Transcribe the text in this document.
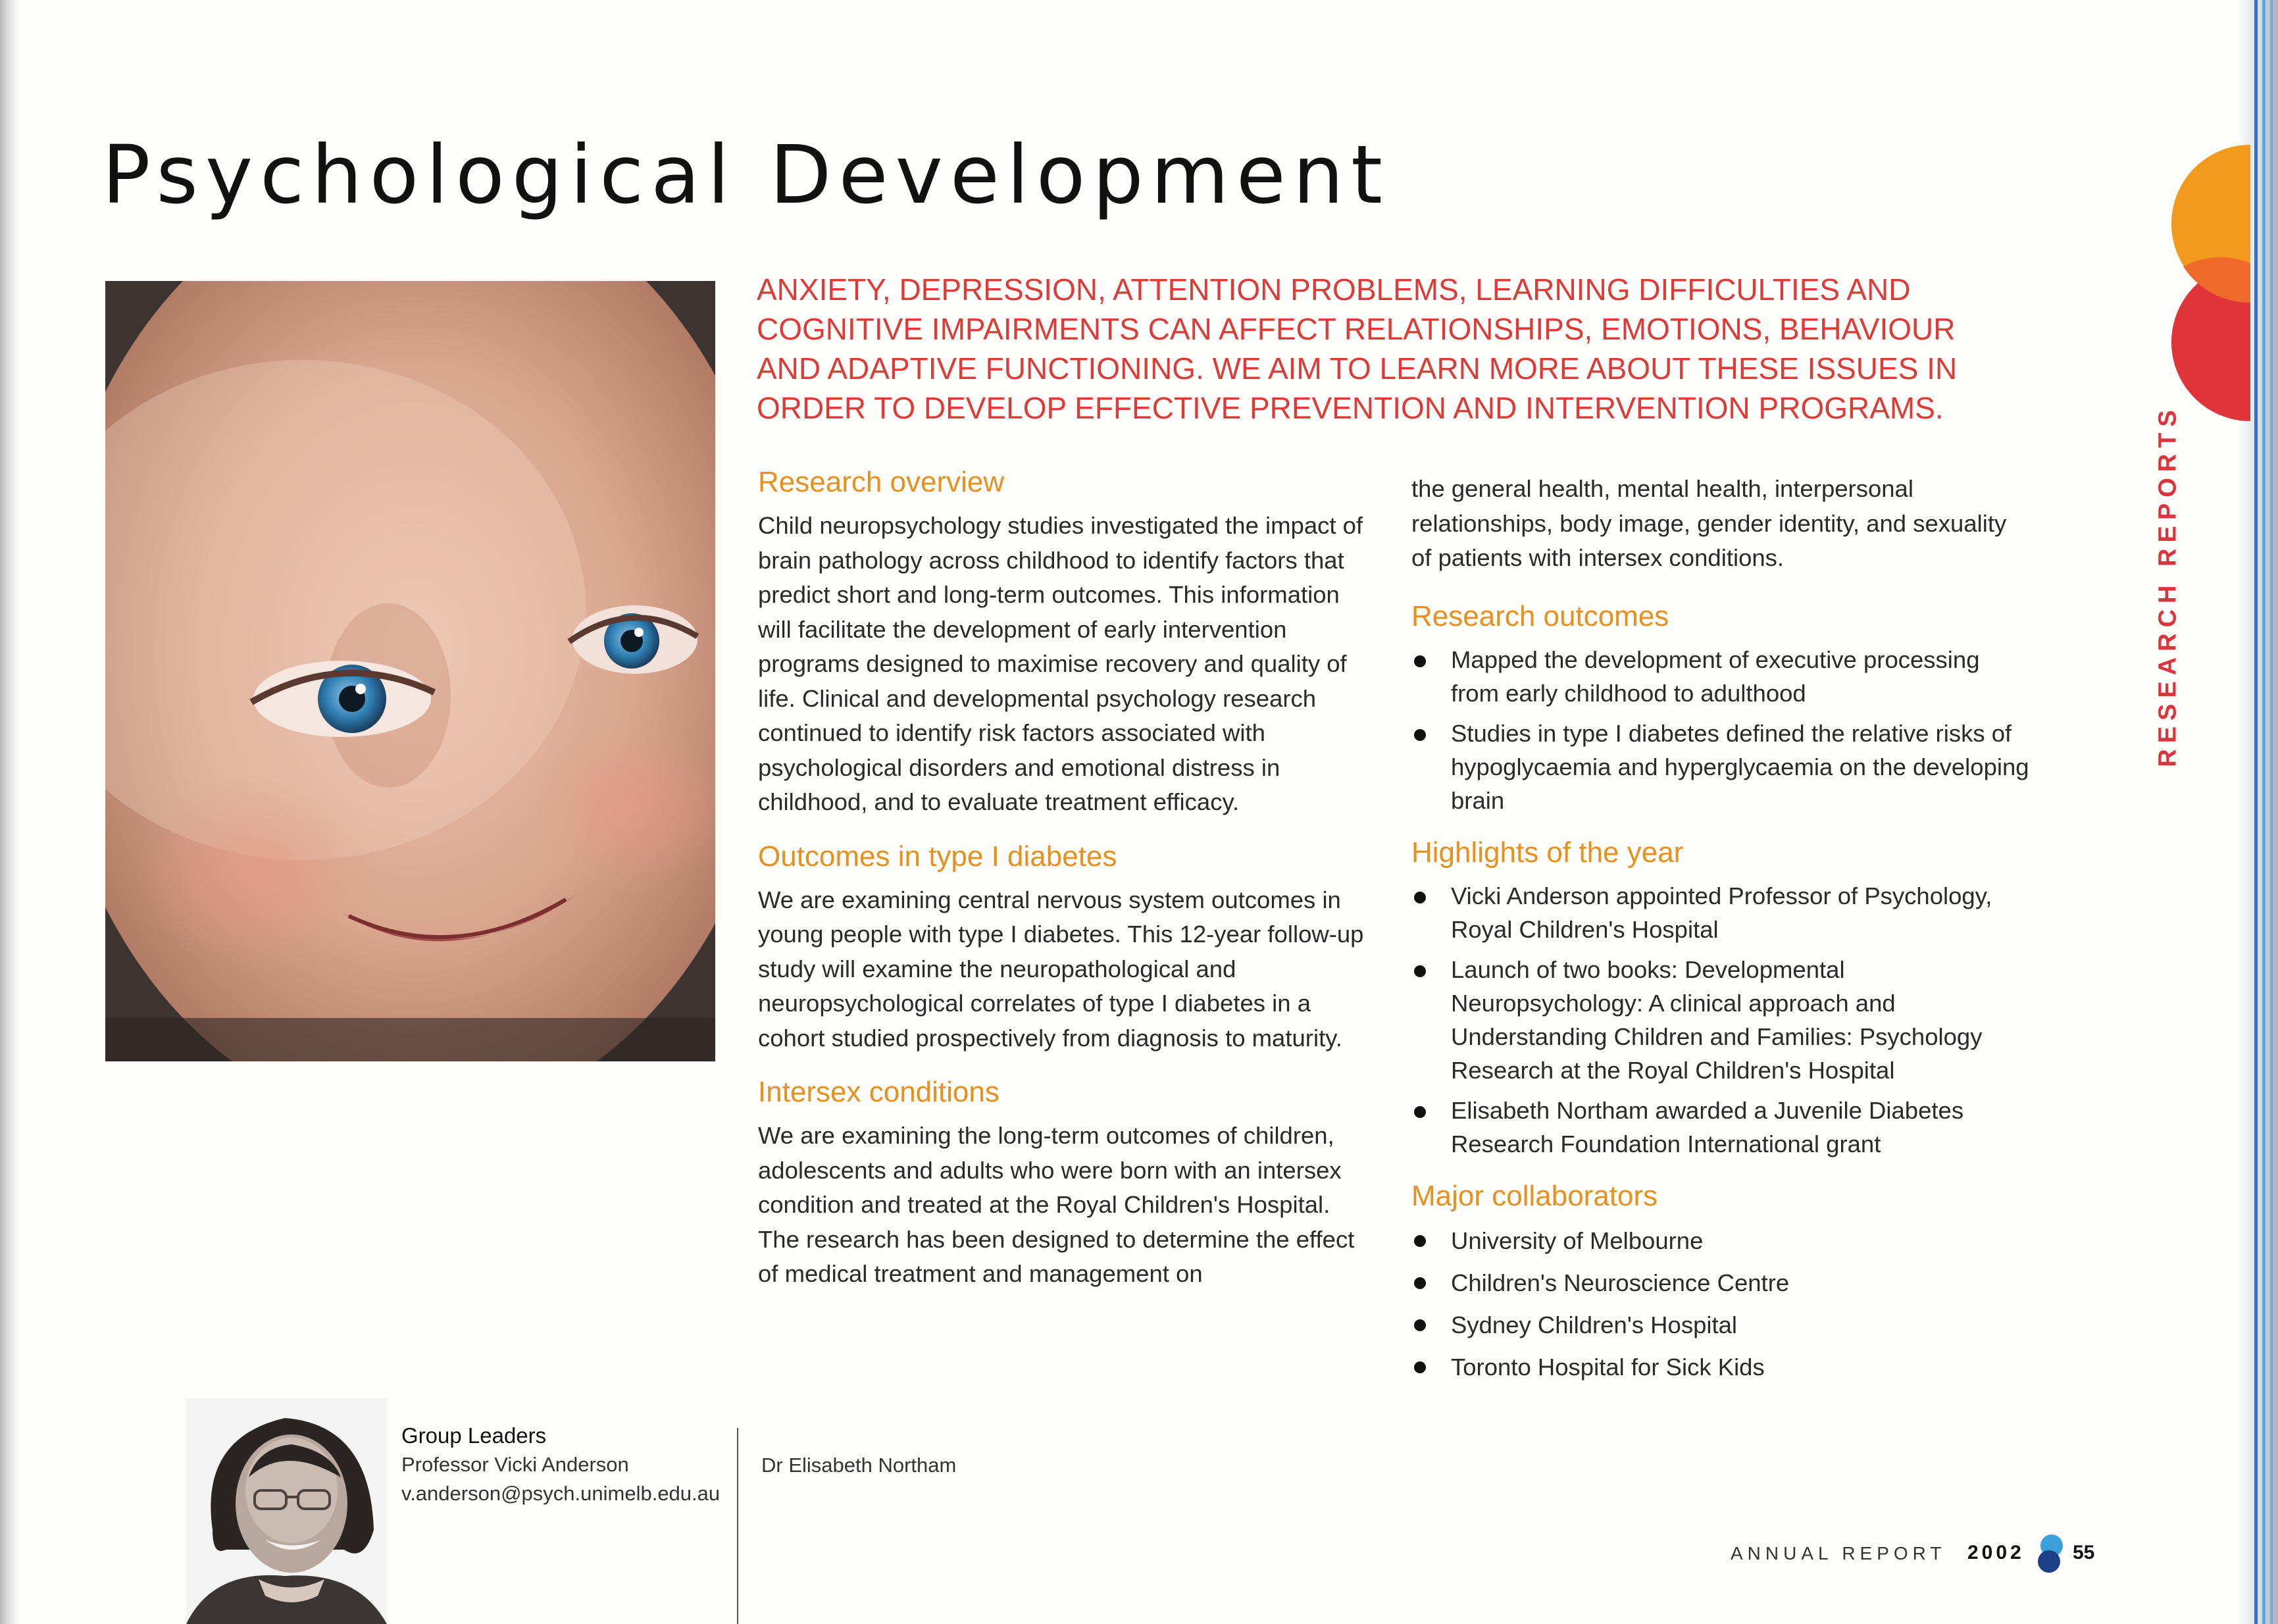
Psychological Development

ANXIETY, DEPRESSION, ATTENTION PROBLEMS, LEARNING DIFFICULTIES AND COGNITIVE IMPAIRMENTS CAN AFFECT RELATIONSHIPS, EMOTIONS, BEHAVIOUR AND ADAPTIVE FUNCTIONING. WE AIM TO LEARN MORE ABOUT THESE ISSUES IN ORDER TO DEVELOP EFFECTIVE PREVENTION AND INTERVENTION PROGRAMS.

Research overview

Child neuropsychology studies investigated the impact of brain pathology across childhood to identify factors that predict short and long-term outcomes. This information will facilitate the development of early intervention programs designed to maximise recovery and quality of life. Clinical and developmental psychology research continued to identify risk factors associated with psychological disorders and emotional distress in childhood, and to evaluate treatment efficacy.

Outcomes in type I diabetes

We are examining central nervous system outcomes in young people with type I diabetes. This 12-year follow-up study will examine the neuropathological and neuropsychological correlates of type I diabetes in a cohort studied prospectively from diagnosis to maturity.

Intersex conditions

We are examining the long-term outcomes of children, adolescents and adults who were born with an intersex condition and treated at the Royal Children's Hospital. The research has been designed to determine the effect of medical treatment and management on

the general health, mental health, interpersonal relationships, body image, gender identity, and sexuality of patients with intersex conditions.

Research outcomes
Mapped the development of executive processing from early childhood to adulthood
Studies in type I diabetes defined the relative risks of hypoglycaemia and hyperglycaemia on the developing brain
Highlights of the year
Vicki Anderson appointed Professor of Psychology, Royal Children's Hospital
Launch of two books: Developmental Neuropsychology: A clinical approach and Understanding Children and Families: Psychology Research at the Royal Children's Hospital
Elisabeth Northam awarded a Juvenile Diabetes Research Foundation International grant
Major collaborators
University of Melbourne
Children's Neuroscience Centre
Sydney Children's Hospital
Toronto Hospital for Sick Kids
RESEARCH REPORTS
Group Leaders
Professor Vicki Anderson
v.anderson@psych.unimelb.edu.au
Dr Elisabeth Northam
ANNUAL REPORT 2002 55
